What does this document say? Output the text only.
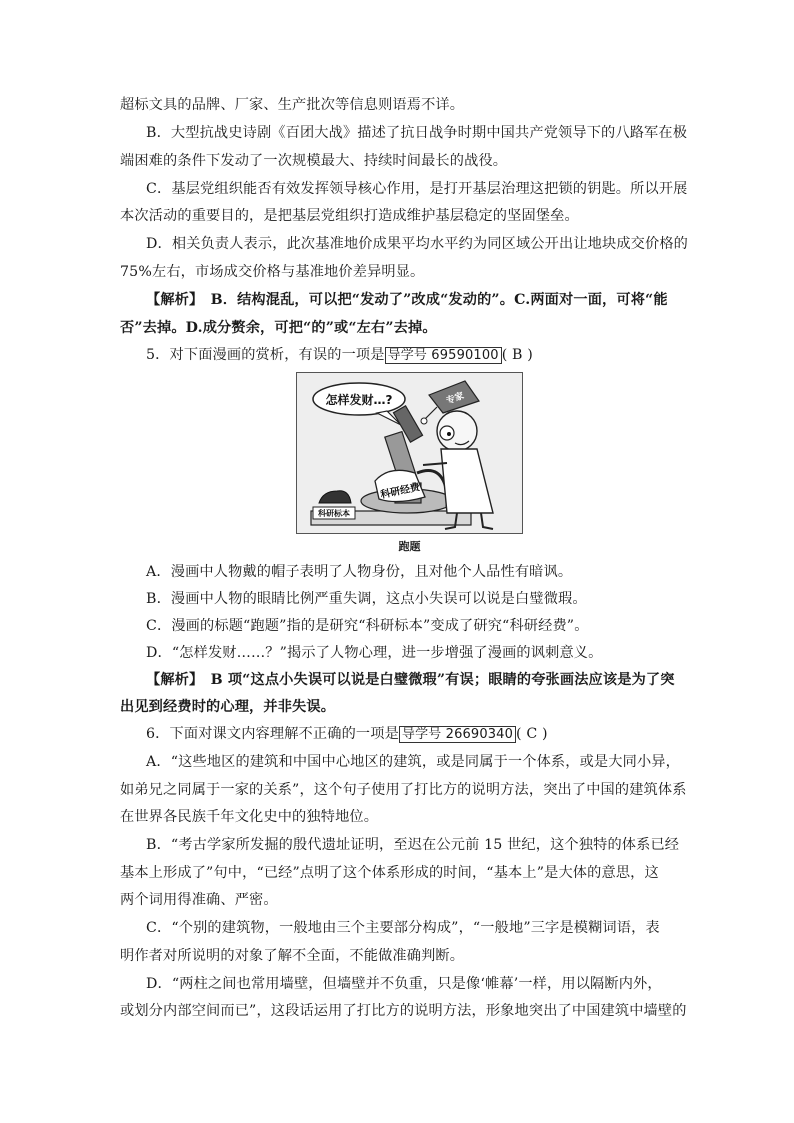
超标文具的品牌、厂家、生产批次等信息则语焉不详。
B．大型抗战史诗剧《百团大战》描述了抗日战争时期中国共产党领导下的八路军在极
端困难的条件下发动了一次规模最大、持续时间最长的战役。
C．基层党组织能否有效发挥领导核心作用，是打开基层治理这把锁的钥匙。所以开展
本次活动的重要目的，是把基层党组织打造成维护基层稳定的坚固堡垒。
D．相关负责人表示，此次基准地价成果平均水平约为同区域公开出让地块成交价格的
75%左右，市场成交价格与基准地价差异明显。
【解析】　B．结构混乱，可以把“发动了”改成“发动的”。C.两面对一面，可将“能
否”去掉。D.成分赘余，可把“的”或“左右”去掉。
5．对下面漫画的赏析，有误的一项是 导学号 69590100 ( B )
怎样发财…?
科研经费
科研标本
专家
跑题
A．漫画中人物戴的帽子表明了人物身份，且对他个人品性有暗讽。
B．漫画中人物的眼睛比例严重失调，这点小失误可以说是白璧微瑕。
C．漫画的标题“跑题”指的是研究“科研标本”变成了研究“科研经费”。
D．“怎样发财……？”揭示了人物心理，进一步增强了漫画的讽刺意义。
【解析】　B 项“这点小失误可以说是白璧微瑕”有误；眼睛的夸张画法应该是为了突
出见到经费时的心理，并非失误。
6．下面对课文内容理解不正确的一项是 导学号 26690340 ( C )
A．“这些地区的建筑和中国中心地区的建筑，或是同属于一个体系，或是大同小异，
如弟兄之同属于一家的关系”，这个句子使用了打比方的说明方法，突出了中国的建筑体系
在世界各民族千年文化史中的独特地位。
B．“考古学家所发掘的殷代遗址证明，至迟在公元前 15 世纪，这个独特的体系已经
基本上形成了”句中，“已经”点明了这个体系形成的时间，“基本上”是大体的意思，这
两个词用得准确、严密。
C．“个别的建筑物，一般地由三个主要部分构成”，“一般地”三字是模糊词语，表
明作者对所说明的对象了解不全面，不能做准确判断。
D．“两柱之间也常用墙壁，但墙壁并不负重，只是像‘帷幕’一样，用以隔断内外，
或划分内部空间而已”，这段话运用了打比方的说明方法，形象地突出了中国建筑中墙壁的
